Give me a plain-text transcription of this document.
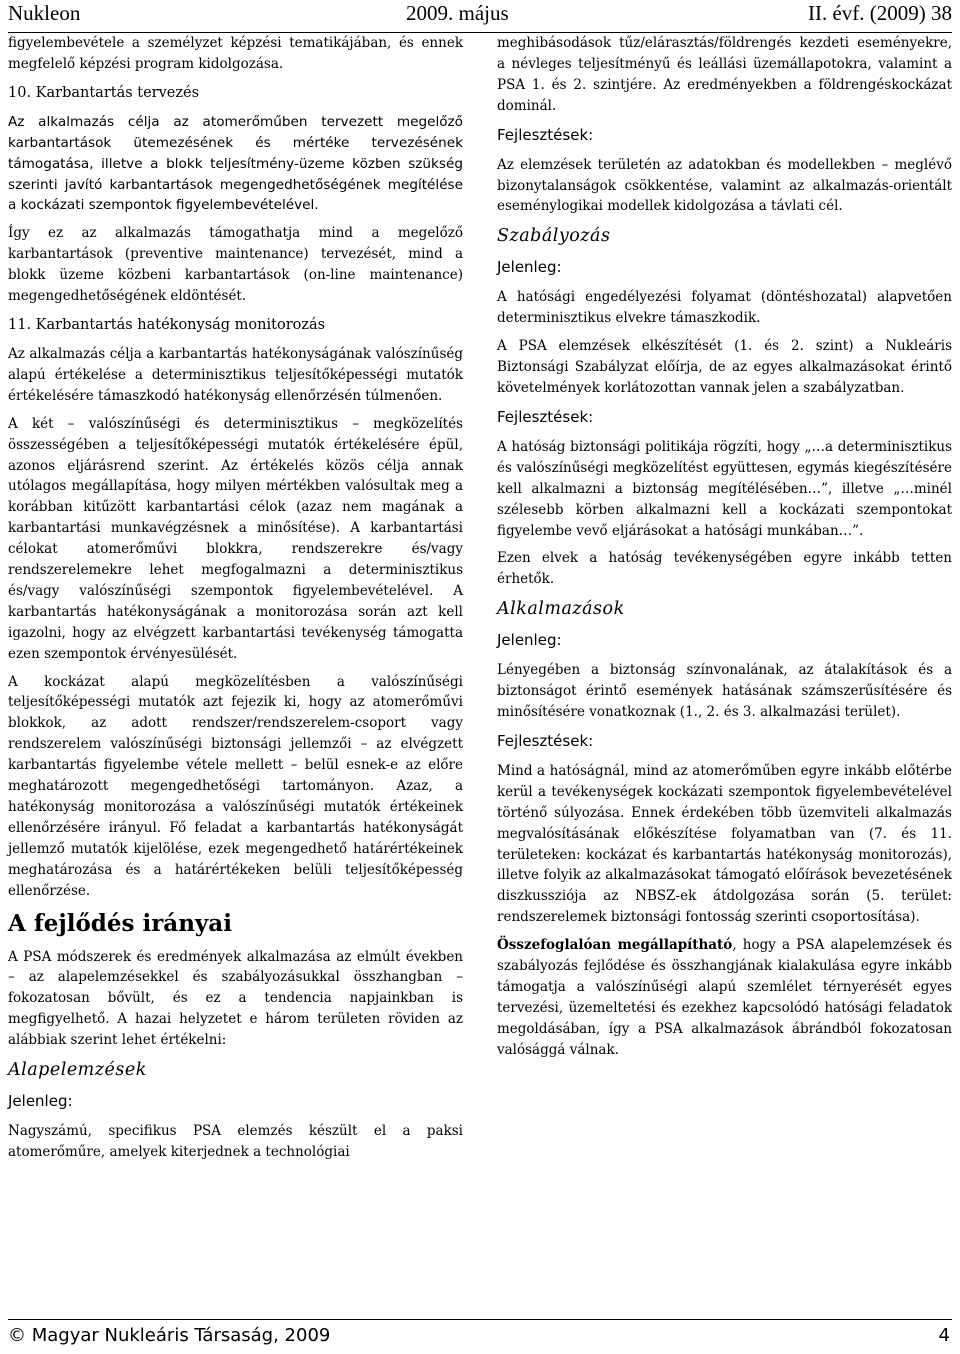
Nukleon	2009. május	II. évf. (2009) 38

figyelembevétele a személyzet képzési tematikájában, és ennek megfelelő képzési program kidolgozása.

10. Karbantartás tervezés

Az alkalmazás célja az atomerőműben tervezett megelőző karbantartások ütemezésének és mértéke tervezésének támogatása, illetve a blokk teljesítmény-üzeme közben szükség szerinti javító karbantartások megengedhetőségének megítélése a kockázati szempontok figyelembevételével.

Így ez az alkalmazás támogathatja mind a megelőző karbantartások (preventive maintenance) tervezését, mind a blokk üzeme közbeni karbantartások (on-line maintenance) megengedhetőségének eldöntését.

11. Karbantartás hatékonyság monitorozás

Az alkalmazás célja a karbantartás hatékonyságának valószínűség alapú értékelése a determinisztikus teljesítőképességi mutatók értékelésére támaszkodó hatékonyság ellenőrzésén túlmenően.

A két – valószínűségi és determinisztikus – megközelítés összességében a teljesítőképességi mutatók értékelésére épül, azonos eljárásrend szerint. Az értékelés közös célja annak utólagos megállapítása, hogy milyen mértékben valósultak meg a korábban kitűzött karbantartási célok (azaz nem magának a karbantartási munkavégzésnek a minősítése). A karbantartási célokat atomerőművi blokkra, rendszerekre és/vagy rendszerelemekre lehet megfogalmazni a determinisztikus és/vagy valószínűségi szempontok figyelembevételével. A karbantartás hatékonyságának a monitorozása során azt kell igazolni, hogy az elvégzett karbantartási tevékenység támogatta ezen szempontok érvényesülését.

A kockázat alapú megközelítésben a valószínűségi teljesítőképességi mutatók azt fejezik ki, hogy az atomerőművi blokkok, az adott rendszer/rendszerelem-csoport vagy rendszerelem valószínűségi biztonsági jellemzői – az elvégzett karbantartás figyelembe vétele mellett – belül esnek-e az előre meghatározott megengedhetőségi tartományon. Azaz, a hatékonyság monitorozása a valószínűségi mutatók értékeinek ellenőrzésére irányul. Fő feladat a karbantartás hatékonyságát jellemző mutatók kijelölése, ezek megengedhető határértékeinek meghatározása és a határértékeken belüli teljesítőképesség ellenőrzése.

A fejlődés irányai

A PSA módszerek és eredmények alkalmazása az elmúlt években – az alapelemzésekkel és szabályozásukkal összhangban – fokozatosan bővült, és ez a tendencia napjainkban is megfigyelhető. A hazai helyzetet e három területen röviden az alábbiak szerint lehet értékelni:

Alapelemzések
Jelenleg:

Nagyszámú, specifikus PSA elemzés készült el a paksi atomerőműre, amelyek kiterjednek a technológiai

meghibásodások tűz/elárasztás/földrengés kezdeti eseményekre, a névleges teljesítményű és leállási üzemállapotokra, valamint a PSA 1. és 2. szintjére. Az eredményekben a földrengéskockázat dominál.

Fejlesztések:

Az elemzések területén az adatokban és modellekben – meglévő bizonytalanságok csökkentése, valamint az alkalmazás-orientált eseménylogikai modellek kidolgozása a távlati cél.

Szabályozás
Jelenleg:

A hatósági engedélyezési folyamat (döntéshozatal) alapvetően determinisztikus elvekre támaszkodik.

A PSA elemzések elkészítését (1. és 2. szint) a Nukleáris Biztonsági Szabályzat előírja, de az egyes alkalmazásokat érintő követelmények korlátozottan vannak jelen a szabályzatban.

Fejlesztések:

A hatóság biztonsági politikája rögzíti, hogy „…a determinisztikus és valószínűségi megközelítést együttesen, egymás kiegészítésére kell alkalmazni a biztonság megítélésében…”, illetve „…minél szélesebb körben alkalmazni kell a kockázati szempontokat figyelembe vevő eljárásokat a hatósági munkában…”.

Ezen elvek a hatóság tevékenységében egyre inkább tetten érhetők.

Alkalmazások
Jelenleg:

Lényegében a biztonság színvonalának, az átalakítások és a biztonságot érintő események hatásának számszerűsítésére és minősítésére vonatkoznak (1., 2. és 3. alkalmazási terület).

Fejlesztések:

Mind a hatóságnál, mind az atomerőműben egyre inkább előtérbe kerül a tevékenységek kockázati szempontok figyelembevételével történő súlyozása. Ennek érdekében több üzemviteli alkalmazás megvalósításának előkészítése folyamatban van (7. és 11. területeken: kockázat és karbantartás hatékonyság monitorozás), illetve folyik az alkalmazásokat támogató előírások bevezetésének diszkussziója az NBSZ-ek átdolgozása során (5. terület: rendszerelemek biztonsági fontosság szerinti csoportosítása).

Összefoglalóan megállapítható, hogy a PSA alapelemzések és szabályozás fejlődése és összhangjának kialakulása egyre inkább támogatja a valószínűségi alapú szemlélet térnyerését egyes tervezési, üzemeltetési és ezekhez kapcsolódó hatósági feladatok megoldásában, így a PSA alkalmazások ábrándból fokozatosan valósággá válnak.

© Magyar Nukleáris Társaság, 2009	4
